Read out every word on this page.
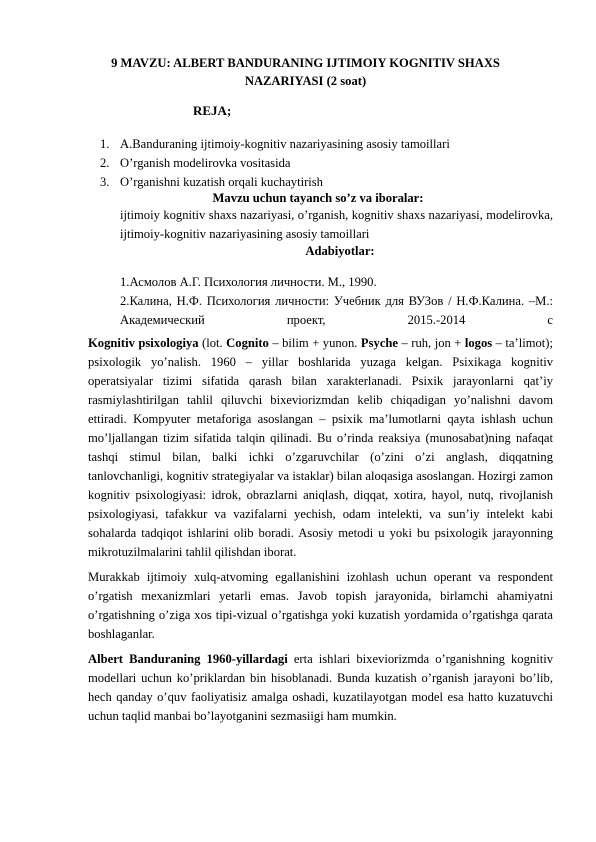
9 MAVZU: ALBERT BANDURANING IJTIMOIY KOGNITIV SHAXS NAZARIYASI (2 soat)
REJA;
1. A.Banduraning ijtimoiy-kognitiv nazariyasining asosiy tamoillari
2. O’rganish modelirovka vositasida
3. O’rganishni kuzatish orqali kuchaytirish
Mavzu uchun tayanch so’z va iboralar:
ijtimoiy kognitiv shaxs nazariyasi, o’rganish, kognitiv shaxs nazariyasi, modelirovka, ijtimoiy-kognitiv nazariyasining asosiy tamoillari
Adabiyotlar:
1.Асмолов А.Г. Психология личности. М., 1990.
2.Калина, Н.Ф. Психология личности: Учебник для ВУЗов / Н.Ф.Калина. –М.: Академический проект, 2015.-2014 с

Kognitiv psixologiya (lot. Cognito – bilim + yunon. Psyche – ruh, jon + logos – ta’limot); psixologik yo’nalish. 1960 – yillar boshlarida yuzaga kelgan. Psixikaga kognitiv operatsiyalar tizimi sifatida qarash bilan xarakterlanadi. Psixik jarayonlarni qat’iy rasmiylashtirilgan tahlil qiluvchi bixeviorizmdan kelib chiqadigan yo’nalishni davom ettiradi. Kompyuter metaforiga asoslangan – psixik ma’lumotlarni qayta ishlash uchun mo’ljallangan tizim sifatida talqin qilinadi. Bu o’rinda reaksiya (munosabat)ning nafaqat tashqi stimul bilan, balki ichki o’zgaruvchilar (o’zini o’zi anglash, diqqatning tanlovchanligi, kognitiv strategiyalar va istaklar) bilan aloqasiga asoslangan. Hozirgi zamon kognitiv psixologiyasi: idrok, obrazlarni aniqlash, diqqat, xotira, hayol, nutq, rivojlanish psixologiyasi, tafakkur va vazifalarni yechish, odam intelekti, va sun’iy intelekt kabi sohalarda tadqiqot ishlarini olib boradi. Asosiy metodi u yoki bu psixologik jarayonning mikrotuzilmalarini tahlil qilishdan iborat.

Murakkab ijtimoiy xulq-atvoming egallanishini izohlash uchun operant va respondent o’rgatish mexanizmlari yetarli emas. Javob topish jarayonida, birlamchi ahamiyatni o’rgatishning o’ziga xos tipi-vizual o’rgatishga yoki kuzatish yordamida o’rgatishga qarata boshlaganlar.

Albert Banduraning 1960-yillardagi erta ishlari bixeviorizmda o’rganishning kognitiv modellari uchun ko’priklardan bin hisoblanadi. Bunda kuzatish o’rganish jarayoni bo’lib, hech qanday o’quv faoliyatisiz amalga oshadi, kuzatilayotgan model esa hatto kuzatuvchi uchun taqlid manbai bo’layotganini sezmasiigi ham mumkin.
